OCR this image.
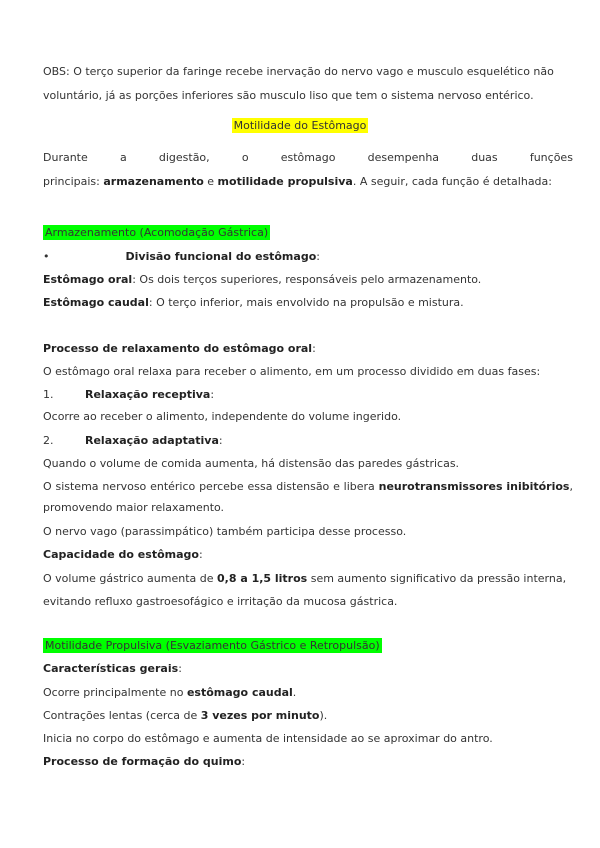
OBS: O terço superior da faringe recebe inervação do nervo vago e musculo esquelético não
voluntário, já as porções inferiores são musculo liso que tem o sistema nervoso entérico.
Motilidade do Estômago
Durante	a	digestão,	o	estômago	desempenha	duas	funções
principais: armazenamento e motilidade propulsiva. A seguir, cada função é detalhada:
Armazenamento (Acomodação Gástrica)
•	Divisão funcional do estômago:
Estômago oral: Os dois terços superiores, responsáveis pelo armazenamento.
Estômago caudal: O terço inferior, mais envolvido na propulsão e mistura.
Processo de relaxamento do estômago oral:
O estômago oral relaxa para receber o alimento, em um processo dividido em duas fases:
1.	Relaxação receptiva:
Ocorre ao receber o alimento, independente do volume ingerido.
2.	Relaxação adaptativa:
Quando o volume de comida aumenta, há distensão das paredes gástricas.
O sistema nervoso entérico percebe essa distensão e libera neurotransmissores inibitórios,
promovendo maior relaxamento.
O nervo vago (parassimpático) também participa desse processo.
Capacidade do estômago:
O volume gástrico aumenta de 0,8 a 1,5 litros sem aumento significativo da pressão interna,
evitando refluxo gastroesofágico e irritação da mucosa gástrica.
Motilidade Propulsiva (Esvaziamento Gástrico e Retropulsão)
Características gerais:
Ocorre principalmente no estômago caudal.
Contrações lentas (cerca de 3 vezes por minuto).
Inicia no corpo do estômago e aumenta de intensidade ao se aproximar do antro.
Processo de formação do quimo:
